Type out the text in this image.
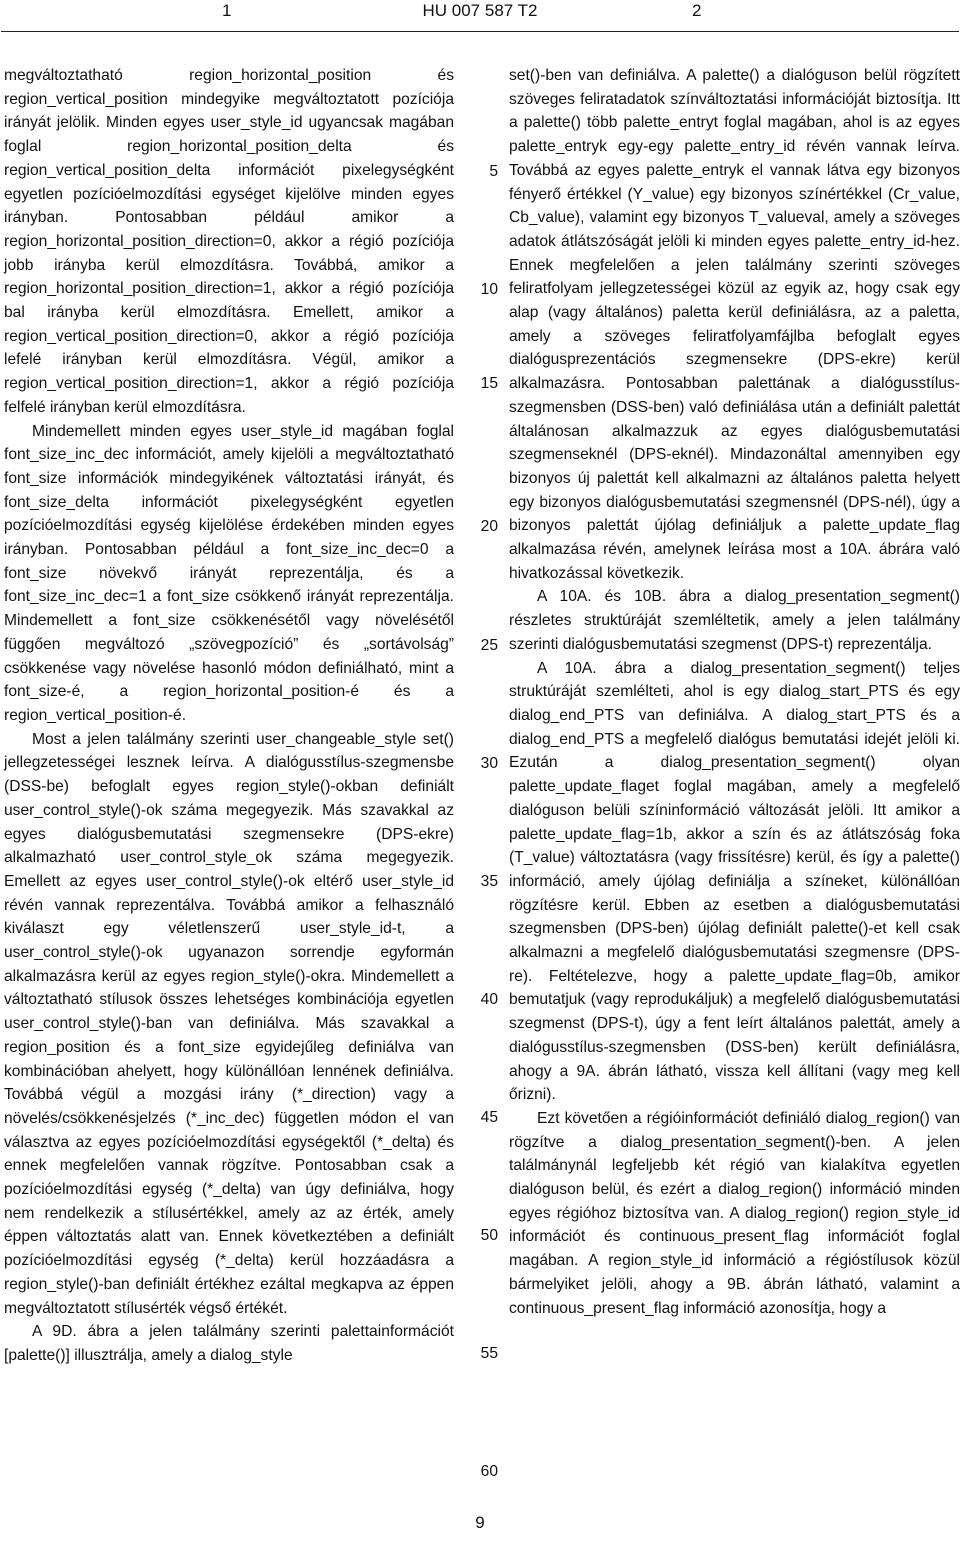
1	HU 007 587 T2	2

megváltoztatható region_horizontal_position és region_vertical_position mindegyike megváltoztatott pozíciója irányát jelölik. Minden egyes user_style_id ugyancsak magában foglal region_horizontal_position_delta és region_vertical_position_delta információt pixelegységként egyetlen pozícióelmozdítási egységet kijelölve minden egyes irányban. Pontosabban például amikor a region_horizontal_position_direction=0, akkor a régió pozíciója jobb irányba kerül elmozdításra. Továbbá, amikor a region_horizontal_position_direction=1, akkor a régió pozíciója bal irányba kerül elmozdításra. Emellett, amikor a region_vertical_position_direction=0, akkor a régió pozíciója lefelé irányban kerül elmozdításra. Végül, amikor a region_vertical_position_direction=1, akkor a régió pozíciója felfelé irányban kerül elmozdításra.

Mindemellett minden egyes user_style_id magában foglal font_size_inc_dec információt, amely kijelöli a megváltoztatható font_size információk mindegyikének változtatási irányát, és font_size_delta információt pixelegységként egyetlen pozícióelmozdítási egység kijelölése érdekében minden egyes irányban. Pontosabban például a font_size_inc_dec=0 a font_size növekvő irányát reprezentálja, és a font_size_inc_dec=1 a font_size csökkenő irányát reprezentálja. Mindemellett a font_size csökkenésétől vagy növelésétől függően megváltozó „szövegpozíció” és „sortávolság” csökkenése vagy növelése hasonló módon definiálható, mint a font_size-é, a region_horizontal_position-é és a region_vertical_position-é.

Most a jelen találmány szerinti user_changeable_style set() jellegzetességei lesznek leírva. A dialógusstílus-szegmensbe (DSS-be) befoglalt egyes region_style()-okban definiált user_control_style()-ok száma megegyezik. Más szavakkal az egyes dialógusbemutatási szegmensekre (DPS-ekre) alkalmazható user_control_style_ok száma megegyezik. Emellett az egyes user_control_style()-ok eltérő user_style_id révén vannak reprezentálva. Továbbá amikor a felhasználó kiválaszt egy véletlenszerű user_style_id-t, a user_control_style()-ok ugyanazon sorrendje egyformán alkalmazásra kerül az egyes region_style()-okra. Mindemellett a változtatható stílusok összes lehetséges kombinációja egyetlen user_control_style()-ban van definiálva. Más szavakkal a region_position és a font_size egyidejűleg definiálva van kombinációban ahelyett, hogy különállóan lennének definiálva. Továbbá végül a mozgási irány (*_direction) vagy a növelés/csökkenésjelzés (*_inc_dec) független módon el van választva az egyes pozícióelmozdítási egységektől (*_delta) és ennek megfelelően vannak rögzítve. Pontosabban csak a pozícióelmozdítási egység (*_delta) van úgy definiálva, hogy nem rendelkezik a stílusértékkel, amely az az érték, amely éppen változtatás alatt van. Ennek következtében a definiált pozícióelmozdítási egység (*_delta) kerül hozzáadásra a region_style()-ban definiált értékhez ezáltal megkapva az éppen megváltoztatott stílusérték végső értékét.

A 9D. ábra a jelen találmány szerinti palettainformációt [palette()] illusztrálja, amely a dialog_style

5
10
15
20
25
30
35
40
45
50
55
60

set()-ben van definiálva. A palette() a dialóguson belül rögzített szöveges feliratadatok színváltoztatási információját biztosítja. Itt a palette() több palette_entryt foglal magában, ahol is az egyes palette_entryk egy-egy palette_entry_id révén vannak leírva. Továbbá az egyes palette_entryk el vannak látva egy bizonyos fényerő értékkel (Y_value) egy bizonyos színértékkel (Cr_value, Cb_value), valamint egy bizonyos T_valueval, amely a szöveges adatok átlátszóságát jelöli ki minden egyes palette_entry_id-hez. Ennek megfelelően a jelen találmány szerinti szöveges feliratfolyam jellegzetességei közül az egyik az, hogy csak egy alap (vagy általános) paletta kerül definiálásra, az a paletta, amely a szöveges feliratfolyamfájlba befoglalt egyes dialógusprezentációs szegmensekre (DPS-ekre) kerül alkalmazásra. Pontosabban palettának a dialógusstílus-szegmensben (DSS-ben) való definiálása után a definiált palettát általánosan alkalmazzuk az egyes dialógusbemutatási szegmenseknél (DPS-eknél). Mindazonáltal amennyiben egy bizonyos új palettát kell alkalmazni az általános paletta helyett egy bizonyos dialógusbemutatási szegmensnél (DPS-nél), úgy a bizonyos palettát újólag definiáljuk a palette_update_flag alkalmazása révén, amelynek leírása most a 10A. ábrára való hivatkozással következik.

A 10A. és 10B. ábra a dialog_presentation_segment() részletes struktúráját szemléltetik, amely a jelen találmány szerinti dialógusbemutatási szegmenst (DPS-t) reprezentálja.

A 10A. ábra a dialog_presentation_segment() teljes struktúráját szemlélteti, ahol is egy dialog_start_PTS és egy dialog_end_PTS van definiálva. A dialog_start_PTS és a dialog_end_PTS a megfelelő dialógus bemutatási idejét jelöli ki. Ezután a dialog_presentation_segment() olyan palette_update_flaget foglal magában, amely a megfelelő dialóguson belüli színinformáció változását jelöli. Itt amikor a palette_update_flag=1b, akkor a szín és az átlátszóság foka (T_value) változtatásra (vagy frissítésre) kerül, és így a palette() információ, amely újólag definiálja a színeket, különállóan rögzítésre kerül. Ebben az esetben a dialógusbemutatási szegmensben (DPS-ben) újólag definiált palette()-et kell csak alkalmazni a megfelelő dialógusbemutatási szegmensre (DPS-re). Feltételezve, hogy a palette_update_flag=0b, amikor bemutatjuk (vagy reprodukáljuk) a megfelelő dialógusbemutatási szegmenst (DPS-t), úgy a fent leírt általános palettát, amely a dialógusstílus-szegmensben (DSS-ben) került definiálásra, ahogy a 9A. ábrán látható, vissza kell állítani (vagy meg kell őrizni).

Ezt követően a régióinformációt definiáló dialog_region() van rögzítve a dialog_presentation_segment()-ben. A jelen találmánynál legfeljebb két régió van kialakítva egyetlen dialóguson belül, és ezért a dialog_region() információ minden egyes régióhoz biztosítva van. A dialog_region() region_style_id információt és continuous_present_flag információt foglal magában. A region_style_id információ a régióstílusok közül bármelyiket jelöli, ahogy a 9B. ábrán látható, valamint a continuous_present_flag információ azonosítja, hogy a

9
